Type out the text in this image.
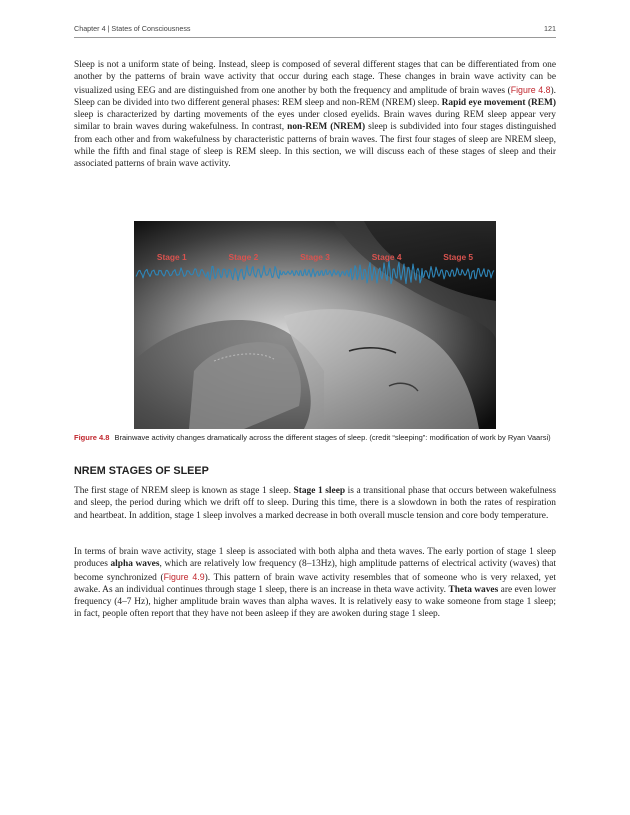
Chapter 4 | States of Consciousness	121

Sleep is not a uniform state of being. Instead, sleep is composed of several different stages that can be differentiated from one another by the patterns of brain wave activity that occur during each stage. These changes in brain wave activity can be visualized using EEG and are distinguished from one another by both the frequency and amplitude of brain waves (Figure 4.8). Sleep can be divided into two different general phases: REM sleep and non-REM (NREM) sleep. Rapid eye movement (REM) sleep is characterized by darting movements of the eyes under closed eyelids. Brain waves during REM sleep appear very similar to brain waves during wakefulness. In contrast, non-REM (NREM) sleep is subdivided into four stages distinguished from each other and from wakefulness by characteristic patterns of brain waves. The first four stages of sleep are NREM sleep, while the fifth and final stage of sleep is REM sleep. In this section, we will discuss each of these stages of sleep and their associated patterns of brain wave activity.

Stage 1	Stage 2	Stage 3	Stage 4	Stage 5

Figure 4.8 Brainwave activity changes dramatically across the different stages of sleep. (credit “sleeping”: modification of work by Ryan Vaarsi)

NREM STAGES OF SLEEP

The first stage of NREM sleep is known as stage 1 sleep. Stage 1 sleep is a transitional phase that occurs between wakefulness and sleep, the period during which we drift off to sleep. During this time, there is a slowdown in both the rates of respiration and heartbeat. In addition, stage 1 sleep involves a marked decrease in both overall muscle tension and core body temperature.

In terms of brain wave activity, stage 1 sleep is associated with both alpha and theta waves. The early portion of stage 1 sleep produces alpha waves, which are relatively low frequency (8–13Hz), high amplitude patterns of electrical activity (waves) that become synchronized (Figure 4.9). This pattern of brain wave activity resembles that of someone who is very relaxed, yet awake. As an individual continues through stage 1 sleep, there is an increase in theta wave activity. Theta waves are even lower frequency (4–7 Hz), higher amplitude brain waves than alpha waves. It is relatively easy to wake someone from stage 1 sleep; in fact, people often report that they have not been asleep if they are awoken during stage 1 sleep.
